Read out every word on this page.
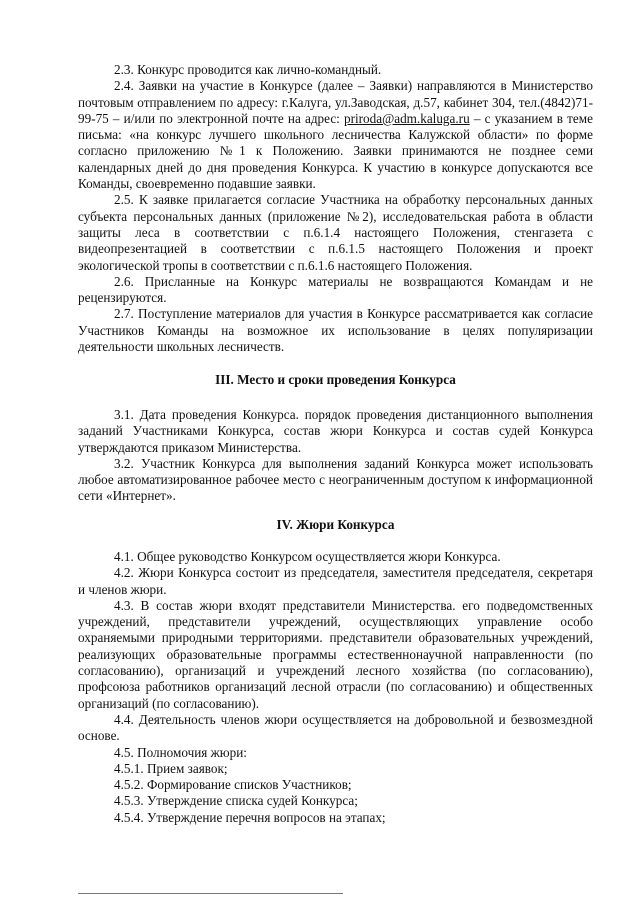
2.3. Конкурс проводится как лично-командный.

2.4. Заявки на участие в Конкурсе (далее – Заявки) направляются в Министерство почтовым отправлением по адресу: г.Калуга, ул.Заводская, д.57, кабинет 304, тел.(4842)71-99-75 – и/или по электронной почте на адрес: priroda@adm.kaluga.ru – с указанием в теме письма: «на конкурс лучшего школьного лесничества Калужской области» по форме согласно приложению №1 к Положению. Заявки принимаются не позднее семи календарных дней до дня проведения Конкурса. К участию в конкурсе допускаются все Команды, своевременно подавшие заявки.

2.5. К заявке прилагается согласие Участника на обработку персональных данных субъекта персональных данных (приложение №2), исследовательская работа в области защиты леса в соответствии с п.6.1.4 настоящего Положения, стенгазета с видеопрезентацией в соответствии с п.6.1.5 настоящего Положения и проект экологической тропы в соответствии с п.6.1.6 настоящего Положения.

2.6. Присланные на Конкурс материалы не возвращаются Командам и не рецензируются.

2.7. Поступление материалов для участия в Конкурсе рассматривается как согласие Участников Команды на возможное их использование в целях популяризации деятельности школьных лесничеств.

III. Место и сроки проведения Конкурса

3.1. Дата проведения Конкурса. порядок проведения дистанционного выполнения заданий Участниками Конкурса, состав жюри Конкурса и состав судей Конкурса утверждаются приказом Министерства.

3.2. Участник Конкурса для выполнения заданий Конкурса может использовать любое автоматизированное рабочее место с неограниченным доступом к информационной сети «Интернет».

IV. Жюри Конкурса

4.1. Общее руководство Конкурсом осуществляется жюри Конкурса.

4.2. Жюри Конкурса состоит из председателя, заместителя председателя, секретаря и членов жюри.

4.3. В состав жюри входят представители Министерства. его подведомственных учреждений, представители учреждений, осуществляющих управление особо охраняемыми природными территориями. представители образовательных учреждений, реализующих образовательные программы естественнонаучной направленности (по согласованию), организаций и учреждений лесного хозяйства (по согласованию), профсоюза работников организаций лесной отрасли (по согласованию) и общественных организаций (по согласованию).

4.4. Деятельность членов жюри осуществляется на добровольной и безвозмездной основе.

4.5. Полномочия жюри:

4.5.1. Прием заявок;

4.5.2. Формирование списков Участников;

4.5.3. Утверждение списка судей Конкурса;

4.5.4. Утверждение перечня вопросов на этапах;
